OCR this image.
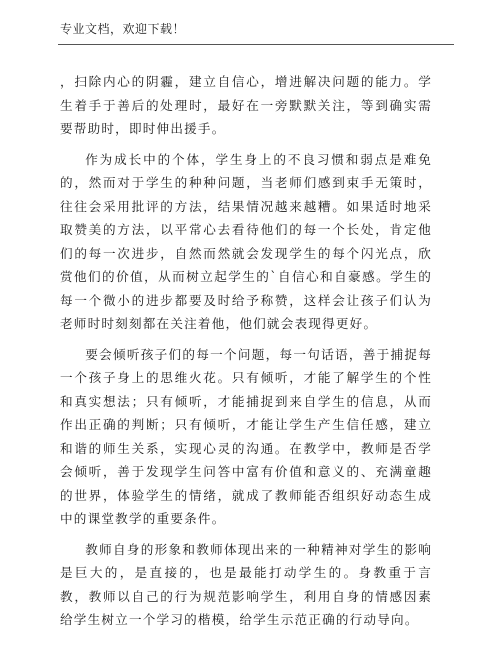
专业文档，欢迎下载！

，扫除内心的阴霾，建立自信心，增进解决问题的能力。学生着手于善后的处理时，最好在一旁默默关注，等到确实需要帮助时，即时伸出援手。

作为成长中的个体，学生身上的不良习惯和弱点是难免的，然而对于学生的种种问题，当老师们感到束手无策时，往往会采用批评的方法，结果情况越来越糟。如果适时地采取赞美的方法，以平常心去看待他们的每一个长处，肯定他们的每一次进步，自然而然就会发现学生的每个闪光点，欣赏他们的价值，从而树立起学生的`自信心和自豪感。学生的每一个微小的进步都要及时给予称赞，这样会让孩子们认为老师时时刻刻都在关注着他，他们就会表现得更好。

要会倾听孩子们的每一个问题，每一句话语，善于捕捉每一个孩子身上的思维火花。只有倾听，才能了解学生的个性和真实想法；只有倾听，才能捕捉到来自学生的信息，从而作出正确的判断；只有倾听，才能让学生产生信任感，建立和谐的师生关系，实现心灵的沟通。在教学中，教师是否学会倾听，善于发现学生问答中富有价值和意义的、充满童趣的世界，体验学生的情绪，就成了教师能否组织好动态生成中的课堂教学的重要条件。

教师自身的形象和教师体现出来的一种精神对学生的影响是巨大的，是直接的，也是最能打动学生的。身教重于言教，教师以自己的行为规范影响学生，利用自身的情感因素给学生树立一个学习的楷模，给学生示范正确的行动导向。
